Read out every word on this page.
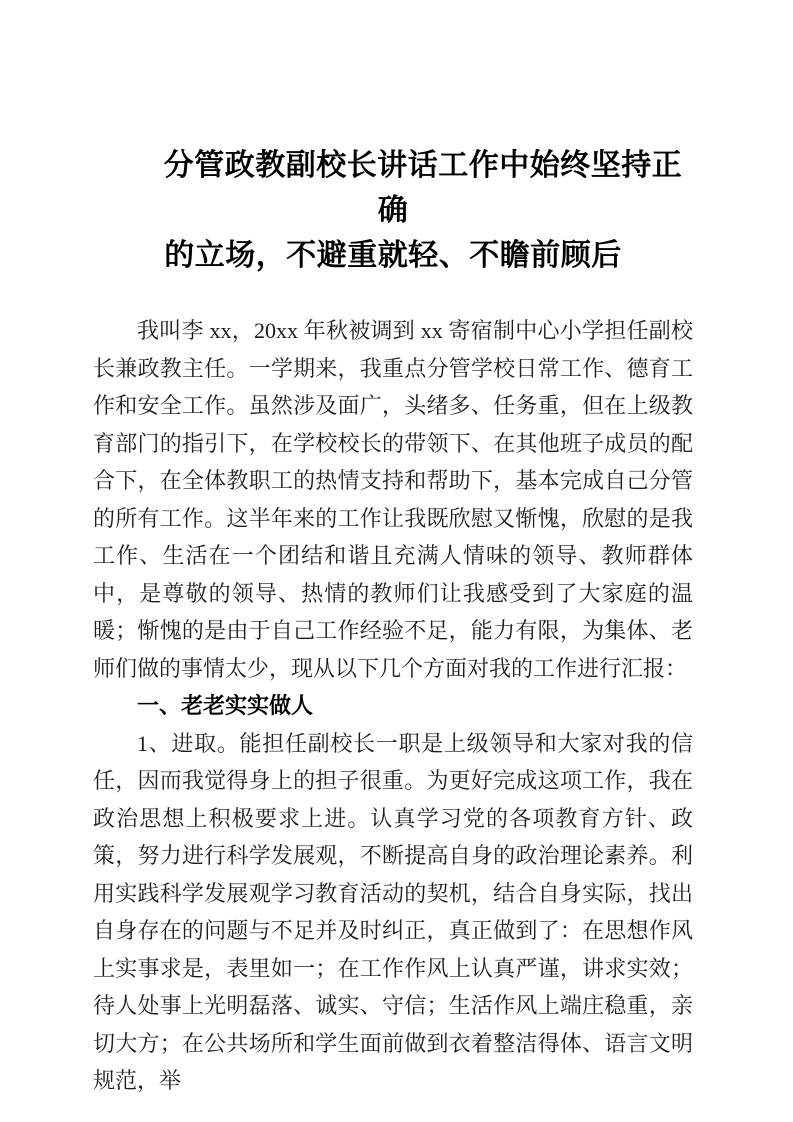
分管政教副校长讲话工作中始终坚持正确
的立场，不避重就轻、不瞻前顾后

我叫李 xx，20xx 年秋被调到 xx 寄宿制中心小学担任副校长兼政教主任。一学期来，我重点分管学校日常工作、德育工作和安全工作。虽然涉及面广，头绪多、任务重，但在上级教育部门的指引下，在学校校长的带领下、在其他班子成员的配合下，在全体教职工的热情支持和帮助下，基本完成自己分管的所有工作。这半年来的工作让我既欣慰又惭愧，欣慰的是我工作、生活在一个团结和谐且充满人情味的领导、教师群体中，是尊敬的领导、热情的教师们让我感受到了大家庭的温暖；惭愧的是由于自己工作经验不足，能力有限，为集体、老师们做的事情太少，现从以下几个方面对我的工作进行汇报：

一、老老实实做人

1、进取。能担任副校长一职是上级领导和大家对我的信任，因而我觉得身上的担子很重。为更好完成这项工作，我在政治思想上积极要求上进。认真学习党的各项教育方针、政策，努力进行科学发展观，不断提高自身的政治理论素养。利用实践科学发展观学习教育活动的契机，结合自身实际，找出自身存在的问题与不足并及时纠正，真正做到了：在思想作风上实事求是，表里如一；在工作作风上认真严谨，讲求实效；待人处事上光明磊落、诚实、守信；生活作风上端庄稳重，亲切大方；在公共场所和学生面前做到衣着整洁得体、语言文明规范，举
